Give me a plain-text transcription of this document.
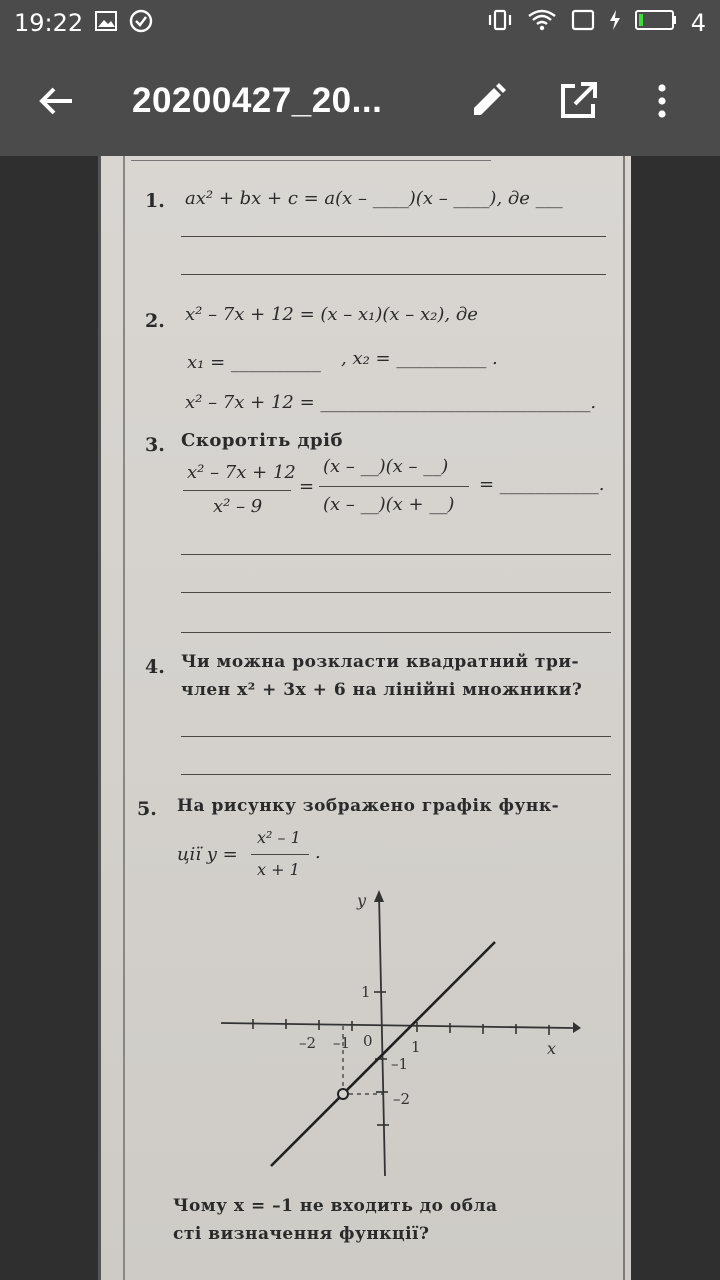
19:22	4
20200427_20...
1. ax² + bx + c = a(x – ____)(x – ____), де ___
2. x² – 7x + 12 = (x – x₁)(x – x₂), де
x₁ = __________ , x₂ = __________ .
x² – 7x + 12 = ______________________________.
3. Скоротіть дріб
x² – 7x + 12
x² – 9
=
(x – __)(x – __)
(x – __)(x + __)
= ___________.
4. Чи можна розкласти квадратний три-
член x² + 3x + 6 на лінійні множники?
5. На рисунку зображено графік функ-
ції y =
x² – 1
x + 1
.
y
x
–2 –1 0	1
1
–1
–2
Чому x = –1 не входить до обла
сті визначення функції?
